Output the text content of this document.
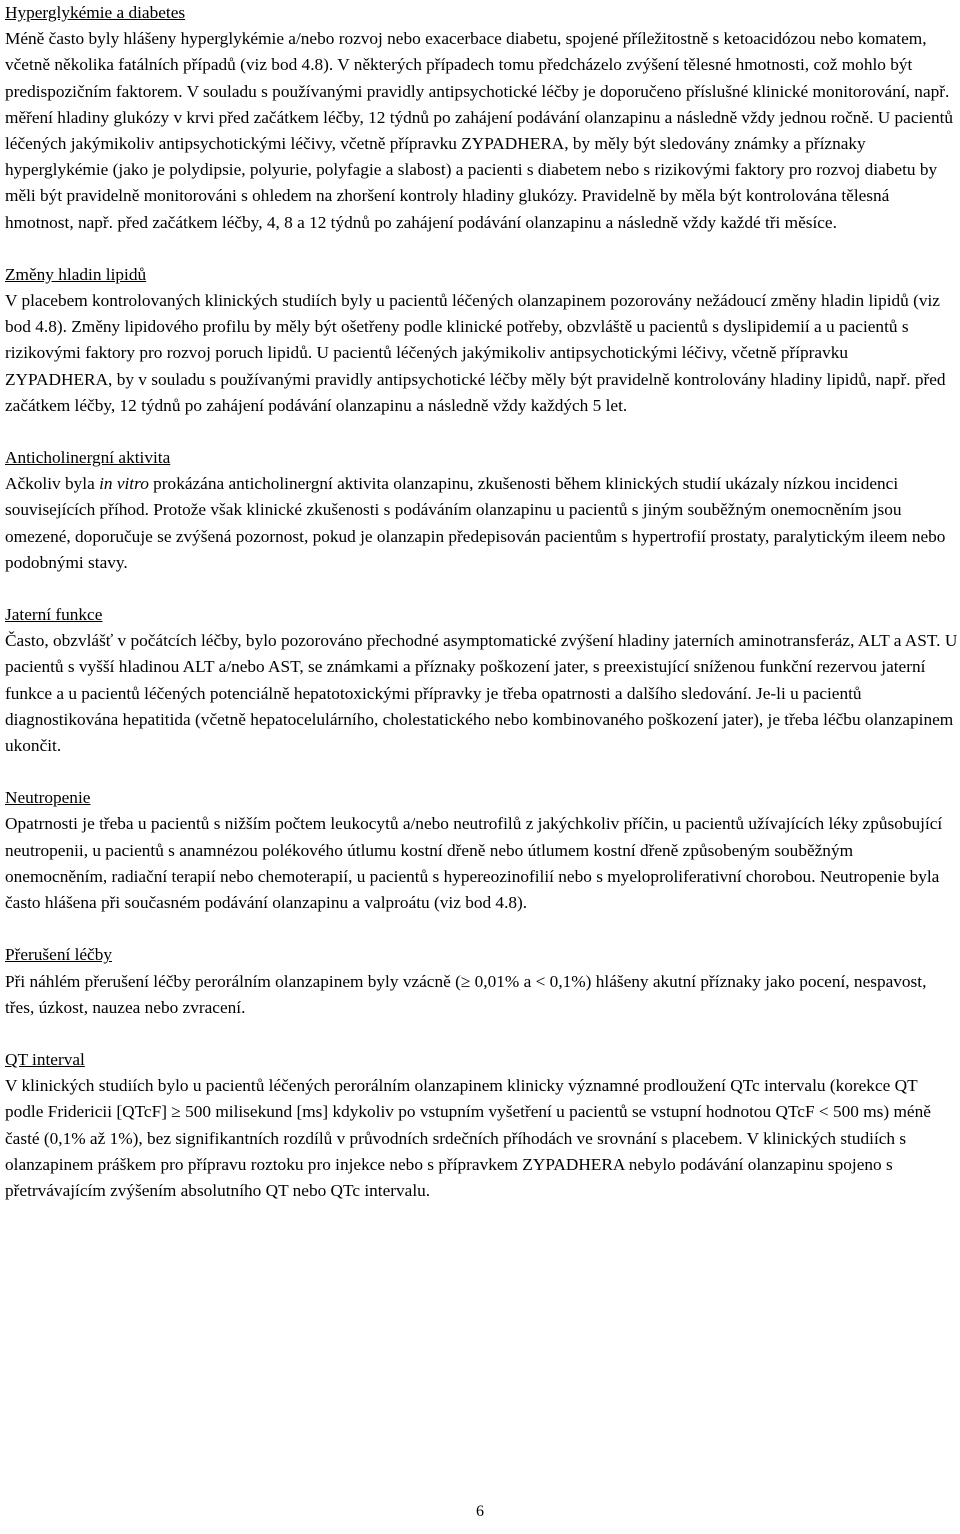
Hyperglykémie a diabetes
Méně často byly hlášeny hyperglykémie a/nebo rozvoj nebo exacerbace diabetu, spojené příležitostně s ketoacidózou nebo komatem, včetně několika fatálních případů (viz bod 4.8). V některých případech tomu předcházelo zvýšení tělesné hmotnosti, což mohlo být predispozičním faktorem. V souladu s používanými pravidly antipsychotické léčby je doporučeno příslušné klinické monitorování, např. měření hladiny glukózy v krvi před začátkem léčby, 12 týdnů po zahájení podávání olanzapinu a následně vždy jednou ročně. U pacientů léčených jakýmikoliv antipsychotickými léčivy, včetně přípravku ZYPADHERA, by měly být sledovány známky a příznaky hyperglykémie (jako je polydipsie, polyurie, polyfagie a slabost) a pacienti s diabetem nebo s rizikovými faktory pro rozvoj diabetu by měli být pravidelně monitorováni s ohledem na zhoršení kontroly hladiny glukózy. Pravidelně by měla být kontrolována tělesná hmotnost, např. před začátkem léčby, 4, 8 a 12 týdnů po zahájení podávání olanzapinu a následně vždy každé tři měsíce.
Změny hladin lipidů
V placebem kontrolovaných klinických studiích byly u pacientů léčených olanzapinem pozorovány nežádoucí změny hladin lipidů (viz bod 4.8). Změny lipidového profilu by měly být ošetřeny podle klinické potřeby, obzvláště u pacientů s dyslipidemií a u pacientů s rizikovými faktory pro rozvoj poruch lipidů. U pacientů léčených jakýmikoliv antipsychotickými léčivy, včetně přípravku ZYPADHERA, by v souladu s používanými pravidly antipsychotické léčby měly být pravidelně kontrolovány hladiny lipidů, např. před začátkem léčby, 12 týdnů po zahájení podávání olanzapinu a následně vždy každých 5 let.
Anticholinergní aktivita
Ačkoliv byla in vitro prokázána anticholinergní aktivita olanzapinu, zkušenosti během klinických studií ukázaly nízkou incidenci souvisejících příhod. Protože však klinické zkušenosti s podáváním olanzapinu u pacientů s jiným souběžným onemocněním jsou omezené, doporučuje se zvýšená pozornost, pokud je olanzapin předepisován pacientům s hypertrofií prostaty, paralytickým ileem nebo podobnými stavy.
Jaterní funkce
Často, obzvlášť v počátcích léčby, bylo pozorováno přechodné asymptomatické zvýšení hladiny jaterních aminotransferáz, ALT a AST. U pacientů s vyšší hladinou ALT a/nebo AST, se známkami a příznaky poškození jater, s preexistující sníženou funkční rezervou jaterní funkce a u pacientů léčených potenciálně hepatotoxickými přípravky je třeba opatrnosti a dalšího sledování. Je-li u pacientů diagnostikována hepatitida (včetně hepatocelulárního, cholestatického nebo kombinovaného poškození jater), je třeba léčbu olanzapinem ukončit.
Neutropenie
Opatrnosti je třeba u pacientů s nižším počtem leukocytů a/nebo neutrofilů z jakýchkoliv příčin, u pacientů užívajících léky způsobující neutropenii, u pacientů s anamnézou polékového útlumu kostní dřeně nebo útlumem kostní dřeně způsobeným souběžným onemocněním, radiační terapií nebo chemoterapií, u pacientů s hypereozinofilií nebo s myeloproliferativní chorobou. Neutropenie byla často hlášena při současném podávání olanzapinu a valproátu (viz bod 4.8).
Přerušení léčby
Při náhlém přerušení léčby perorálním olanzapinem byly vzácně (≥ 0,01% a < 0,1%) hlášeny akutní příznaky jako pocení, nespavost, třes, úzkost, nauzea nebo zvracení.
QT interval
V klinických studiích bylo u pacientů léčených perorálním olanzapinem klinicky významné prodloužení QTc intervalu (korekce QT podle Fridericii [QTcF] ≥ 500 milisekund [ms] kdykoliv po vstupním vyšetření u pacientů se vstupní hodnotou QTcF < 500 ms) méně časté (0,1% až 1%), bez signifikantních rozdílů v průvodních srdečních příhodách ve srovnání s placebem. V klinických studiích s olanzapinem práškem pro přípravu roztoku pro injekce nebo s přípravkem ZYPADHERA nebylo podávání olanzapinu spojeno s přetrvávajícím zvýšením absolutního QT nebo QTc intervalu.
6
